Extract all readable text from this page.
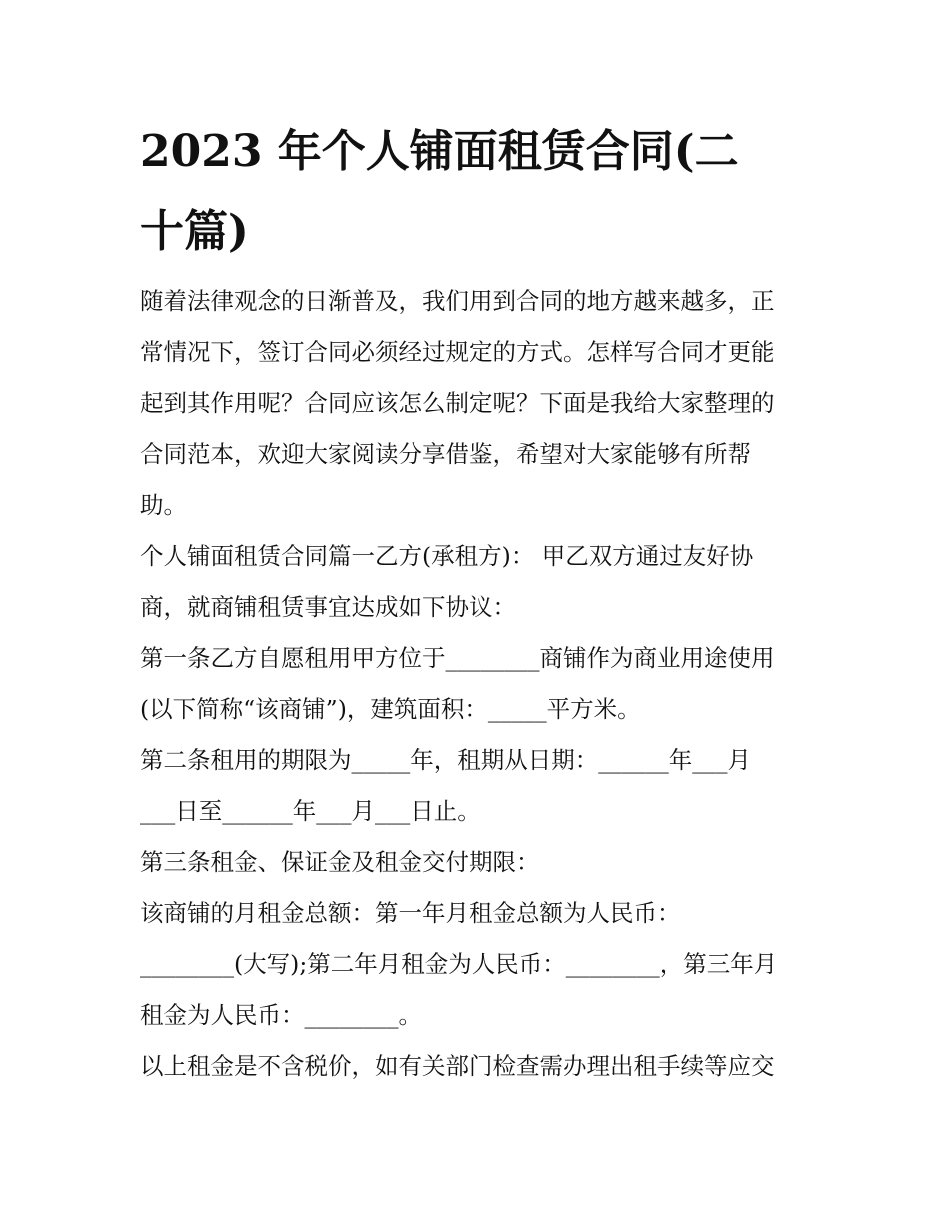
2023 年个人铺面租赁合同(二
十篇)

随着法律观念的日渐普及，我们用到合同的地方越来越多，正
常情况下，签订合同必须经过规定的方式。怎样写合同才更能
起到其作用呢？合同应该怎么制定呢？下面是我给大家整理的
合同范本，欢迎大家阅读分享借鉴，希望对大家能够有所帮
助。

个人铺面租赁合同篇一乙方(承租方)： 甲乙双方通过友好协
商，就商铺租赁事宜达成如下协议：

第一条乙方自愿租用甲方位于________商铺作为商业用途使用
(以下简称“该商铺”)，建筑面积：_____平方米。

第二条租用的期限为_____年，租期从日期：______年___月
___日至______年___月___日止。

第三条租金、保证金及租金交付期限：

该商铺的月租金总额：第一年月租金总额为人民币：
________(大写);第二年月租金为人民币：________，第三年月
租金为人民币：________。

以上租金是不含税价，如有关部门检查需办理出租手续等应交
